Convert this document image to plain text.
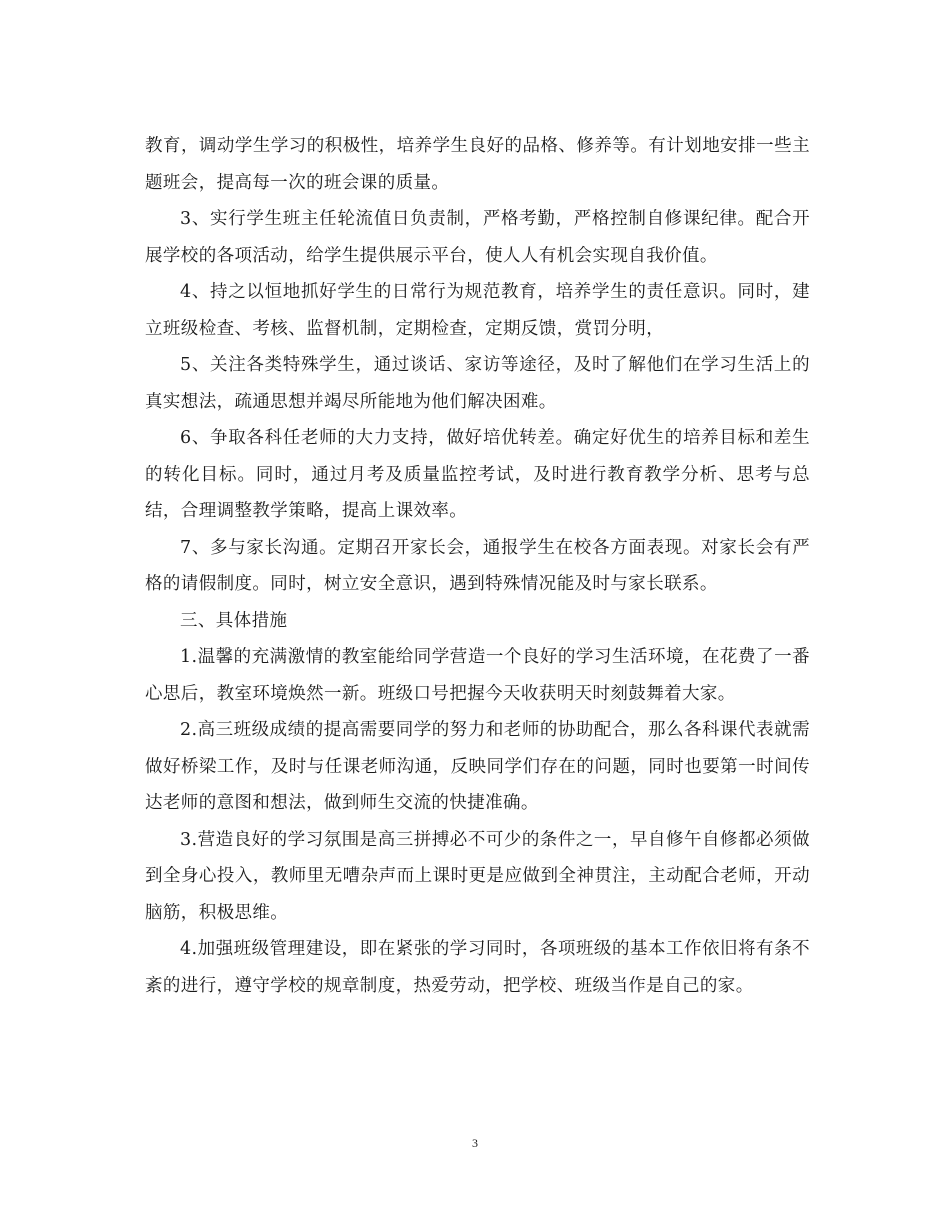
教育，调动学生学习的积极性，培养学生良好的品格、修养等。有计划地安排一些主题班会，提高每一次的班会课的质量。

3、实行学生班主任轮流值日负责制，严格考勤，严格控制自修课纪律。配合开展学校的各项活动，给学生提供展示平台，使人人有机会实现自我价值。

4、持之以恒地抓好学生的日常行为规范教育，培养学生的责任意识。同时，建立班级检查、考核、监督机制，定期检查，定期反馈，赏罚分明，

5、关注各类特殊学生，通过谈话、家访等途径，及时了解他们在学习生活上的真实想法，疏通思想并竭尽所能地为他们解决困难。

6、争取各科任老师的大力支持，做好培优转差。确定好优生的培养目标和差生的转化目标。同时，通过月考及质量监控考试，及时进行教育教学分析、思考与总结，合理调整教学策略，提高上课效率。

7、多与家长沟通。定期召开家长会，通报学生在校各方面表现。对家长会有严格的请假制度。同时，树立安全意识，遇到特殊情况能及时与家长联系。

三、具体措施

1.温馨的充满激情的教室能给同学营造一个良好的学习生活环境，在花费了一番心思后，教室环境焕然一新。班级口号把握今天收获明天时刻鼓舞着大家。

2.高三班级成绩的提高需要同学的努力和老师的协助配合，那么各科课代表就需做好桥梁工作，及时与任课老师沟通，反映同学们存在的问题，同时也要第一时间传达老师的意图和想法，做到师生交流的快捷准确。

3.营造良好的学习氛围是高三拼搏必不可少的条件之一，早自修午自修都必须做到全身心投入，教师里无嘈杂声而上课时更是应做到全神贯注，主动配合老师，开动脑筋，积极思维。

4.加强班级管理建设，即在紧张的学习同时，各项班级的基本工作依旧将有条不紊的进行，遵守学校的规章制度，热爱劳动，把学校、班级当作是自己的家。

3
